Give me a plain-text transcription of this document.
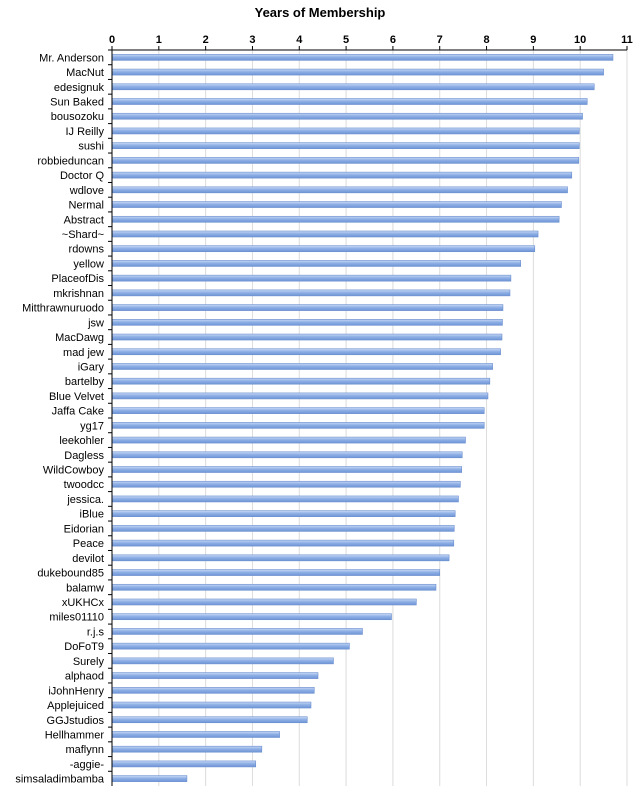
Years of Membership
0	1	2	3	4	5	6	7	8	9	10	11
Mr. Anderson
MacNut
edesignuk
Sun Baked
bousozoku
IJ Reilly
sushi
robbieduncan
Doctor Q
wdlove
Nermal
Abstract
~Shard~
rdowns
yellow
PlaceofDis
mkrishnan
Mitthrawnuruodo
jsw
MacDawg
mad jew
iGary
bartelby
Blue Velvet
Jaffa Cake
yg17
leekohler
Dagless
WildCowboy
twoodcc
jessica.
iBlue
Eidorian
Peace
devilot
dukebound85
balamw
xUKHCx
miles01110
r.j.s
DoFoT9
Surely
alphaod
iJohnHenry
Applejuiced
GGJstudios
Hellhammer
maflynn
-aggie-
simsaladimbamba
